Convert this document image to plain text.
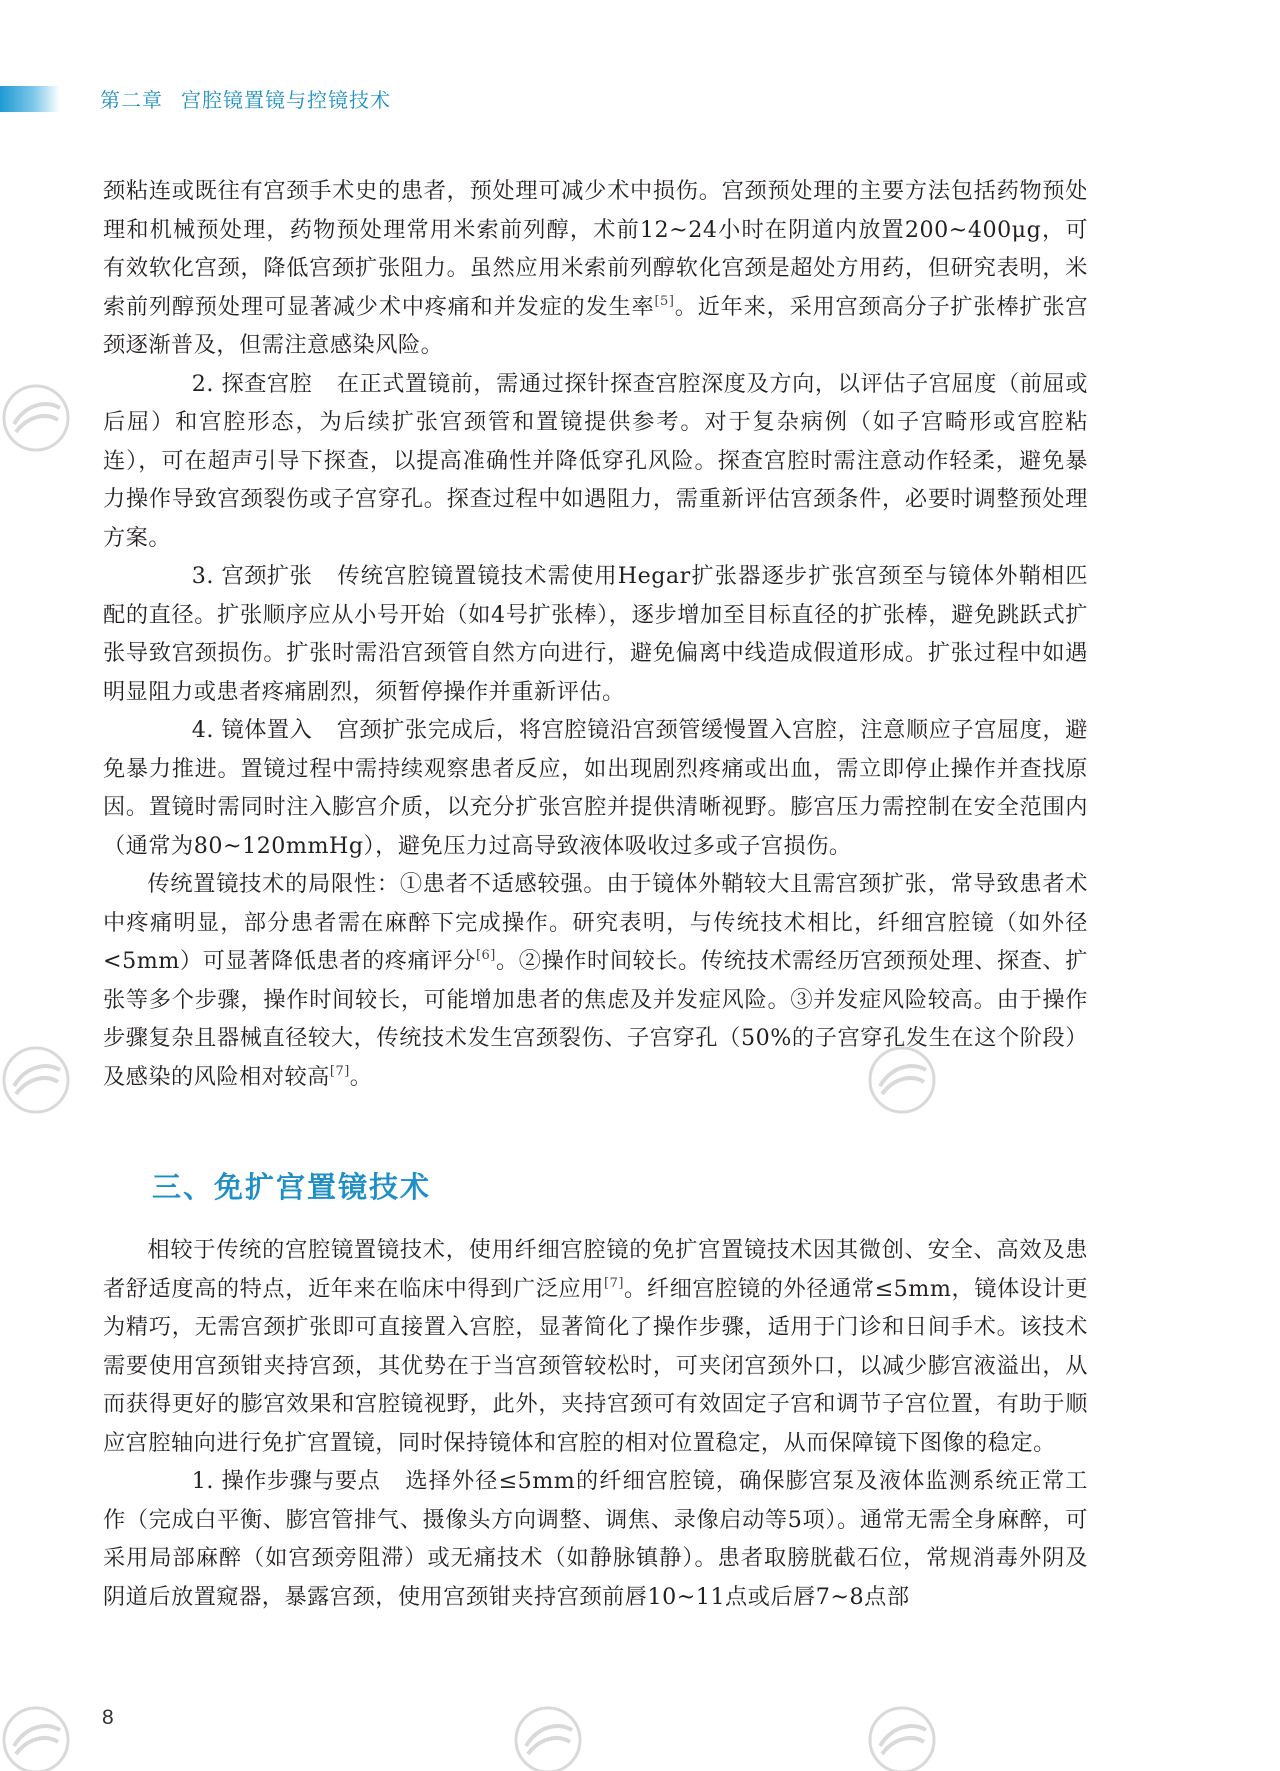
第二章 宫腔镜置镜与控镜技术

颈粘连或既往有宫颈手术史的患者，预处理可减少术中损伤。宫颈预处理的主要方法包括药物预处理和机械预处理，药物预处理常用米索前列醇，术前12~24小时在阴道内放置200~400μg，可有效软化宫颈，降低宫颈扩张阻力。虽然应用米索前列醇软化宫颈是超处方用药，但研究表明，米索前列醇预处理可显著减少术中疼痛和并发症的发生率[5]。近年来，采用宫颈高分子扩张棒扩张宫颈逐渐普及，但需注意感染风险。

2. 探查宫腔 在正式置镜前，需通过探针探查宫腔深度及方向，以评估子宫屈度（前屈或后屈）和宫腔形态，为后续扩张宫颈管和置镜提供参考。对于复杂病例（如子宫畸形或宫腔粘连），可在超声引导下探查，以提高准确性并降低穿孔风险。探查宫腔时需注意动作轻柔，避免暴力操作导致宫颈裂伤或子宫穿孔。探查过程中如遇阻力，需重新评估宫颈条件，必要时调整预处理方案。

3. 宫颈扩张 传统宫腔镜置镜技术需使用Hegar扩张器逐步扩张宫颈至与镜体外鞘相匹配的直径。扩张顺序应从小号开始（如4号扩张棒），逐步增加至目标直径的扩张棒，避免跳跃式扩张导致宫颈损伤。扩张时需沿宫颈管自然方向进行，避免偏离中线造成假道形成。扩张过程中如遇明显阻力或患者疼痛剧烈，须暂停操作并重新评估。

4. 镜体置入 宫颈扩张完成后，将宫腔镜沿宫颈管缓慢置入宫腔，注意顺应子宫屈度，避免暴力推进。置镜过程中需持续观察患者反应，如出现剧烈疼痛或出血，需立即停止操作并查找原因。置镜时需同时注入膨宫介质，以充分扩张宫腔并提供清晰视野。膨宫压力需控制在安全范围内（通常为80~120mmHg），避免压力过高导致液体吸收过多或子宫损伤。

传统置镜技术的局限性：①患者不适感较强。由于镜体外鞘较大且需宫颈扩张，常导致患者术中疼痛明显，部分患者需在麻醉下完成操作。研究表明，与传统技术相比，纤细宫腔镜（如外径<5mm）可显著降低患者的疼痛评分[6]。②操作时间较长。传统技术需经历宫颈预处理、探查、扩张等多个步骤，操作时间较长，可能增加患者的焦虑及并发症风险。③并发症风险较高。由于操作步骤复杂且器械直径较大，传统技术发生宫颈裂伤、子宫穿孔（50%的子宫穿孔发生在这个阶段）及感染的风险相对较高[7]。

三、免扩宫置镜技术

相较于传统的宫腔镜置镜技术，使用纤细宫腔镜的免扩宫置镜技术因其微创、安全、高效及患者舒适度高的特点，近年来在临床中得到广泛应用[7]。纤细宫腔镜的外径通常≤5mm，镜体设计更为精巧，无需宫颈扩张即可直接置入宫腔，显著简化了操作步骤，适用于门诊和日间手术。该技术需要使用宫颈钳夹持宫颈，其优势在于当宫颈管较松时，可夹闭宫颈外口，以减少膨宫液溢出，从而获得更好的膨宫效果和宫腔镜视野，此外，夹持宫颈可有效固定子宫和调节子宫位置，有助于顺应宫腔轴向进行免扩宫置镜，同时保持镜体和宫腔的相对位置稳定，从而保障镜下图像的稳定。

1. 操作步骤与要点 选择外径≤5mm的纤细宫腔镜，确保膨宫泵及液体监测系统正常工作（完成白平衡、膨宫管排气、摄像头方向调整、调焦、录像启动等5项）。通常无需全身麻醉，可采用局部麻醉（如宫颈旁阻滞）或无痛技术（如静脉镇静）。患者取膀胱截石位，常规消毒外阴及阴道后放置窥器，暴露宫颈，使用宫颈钳夹持宫颈前唇10~11点或后唇7~8点部

8
